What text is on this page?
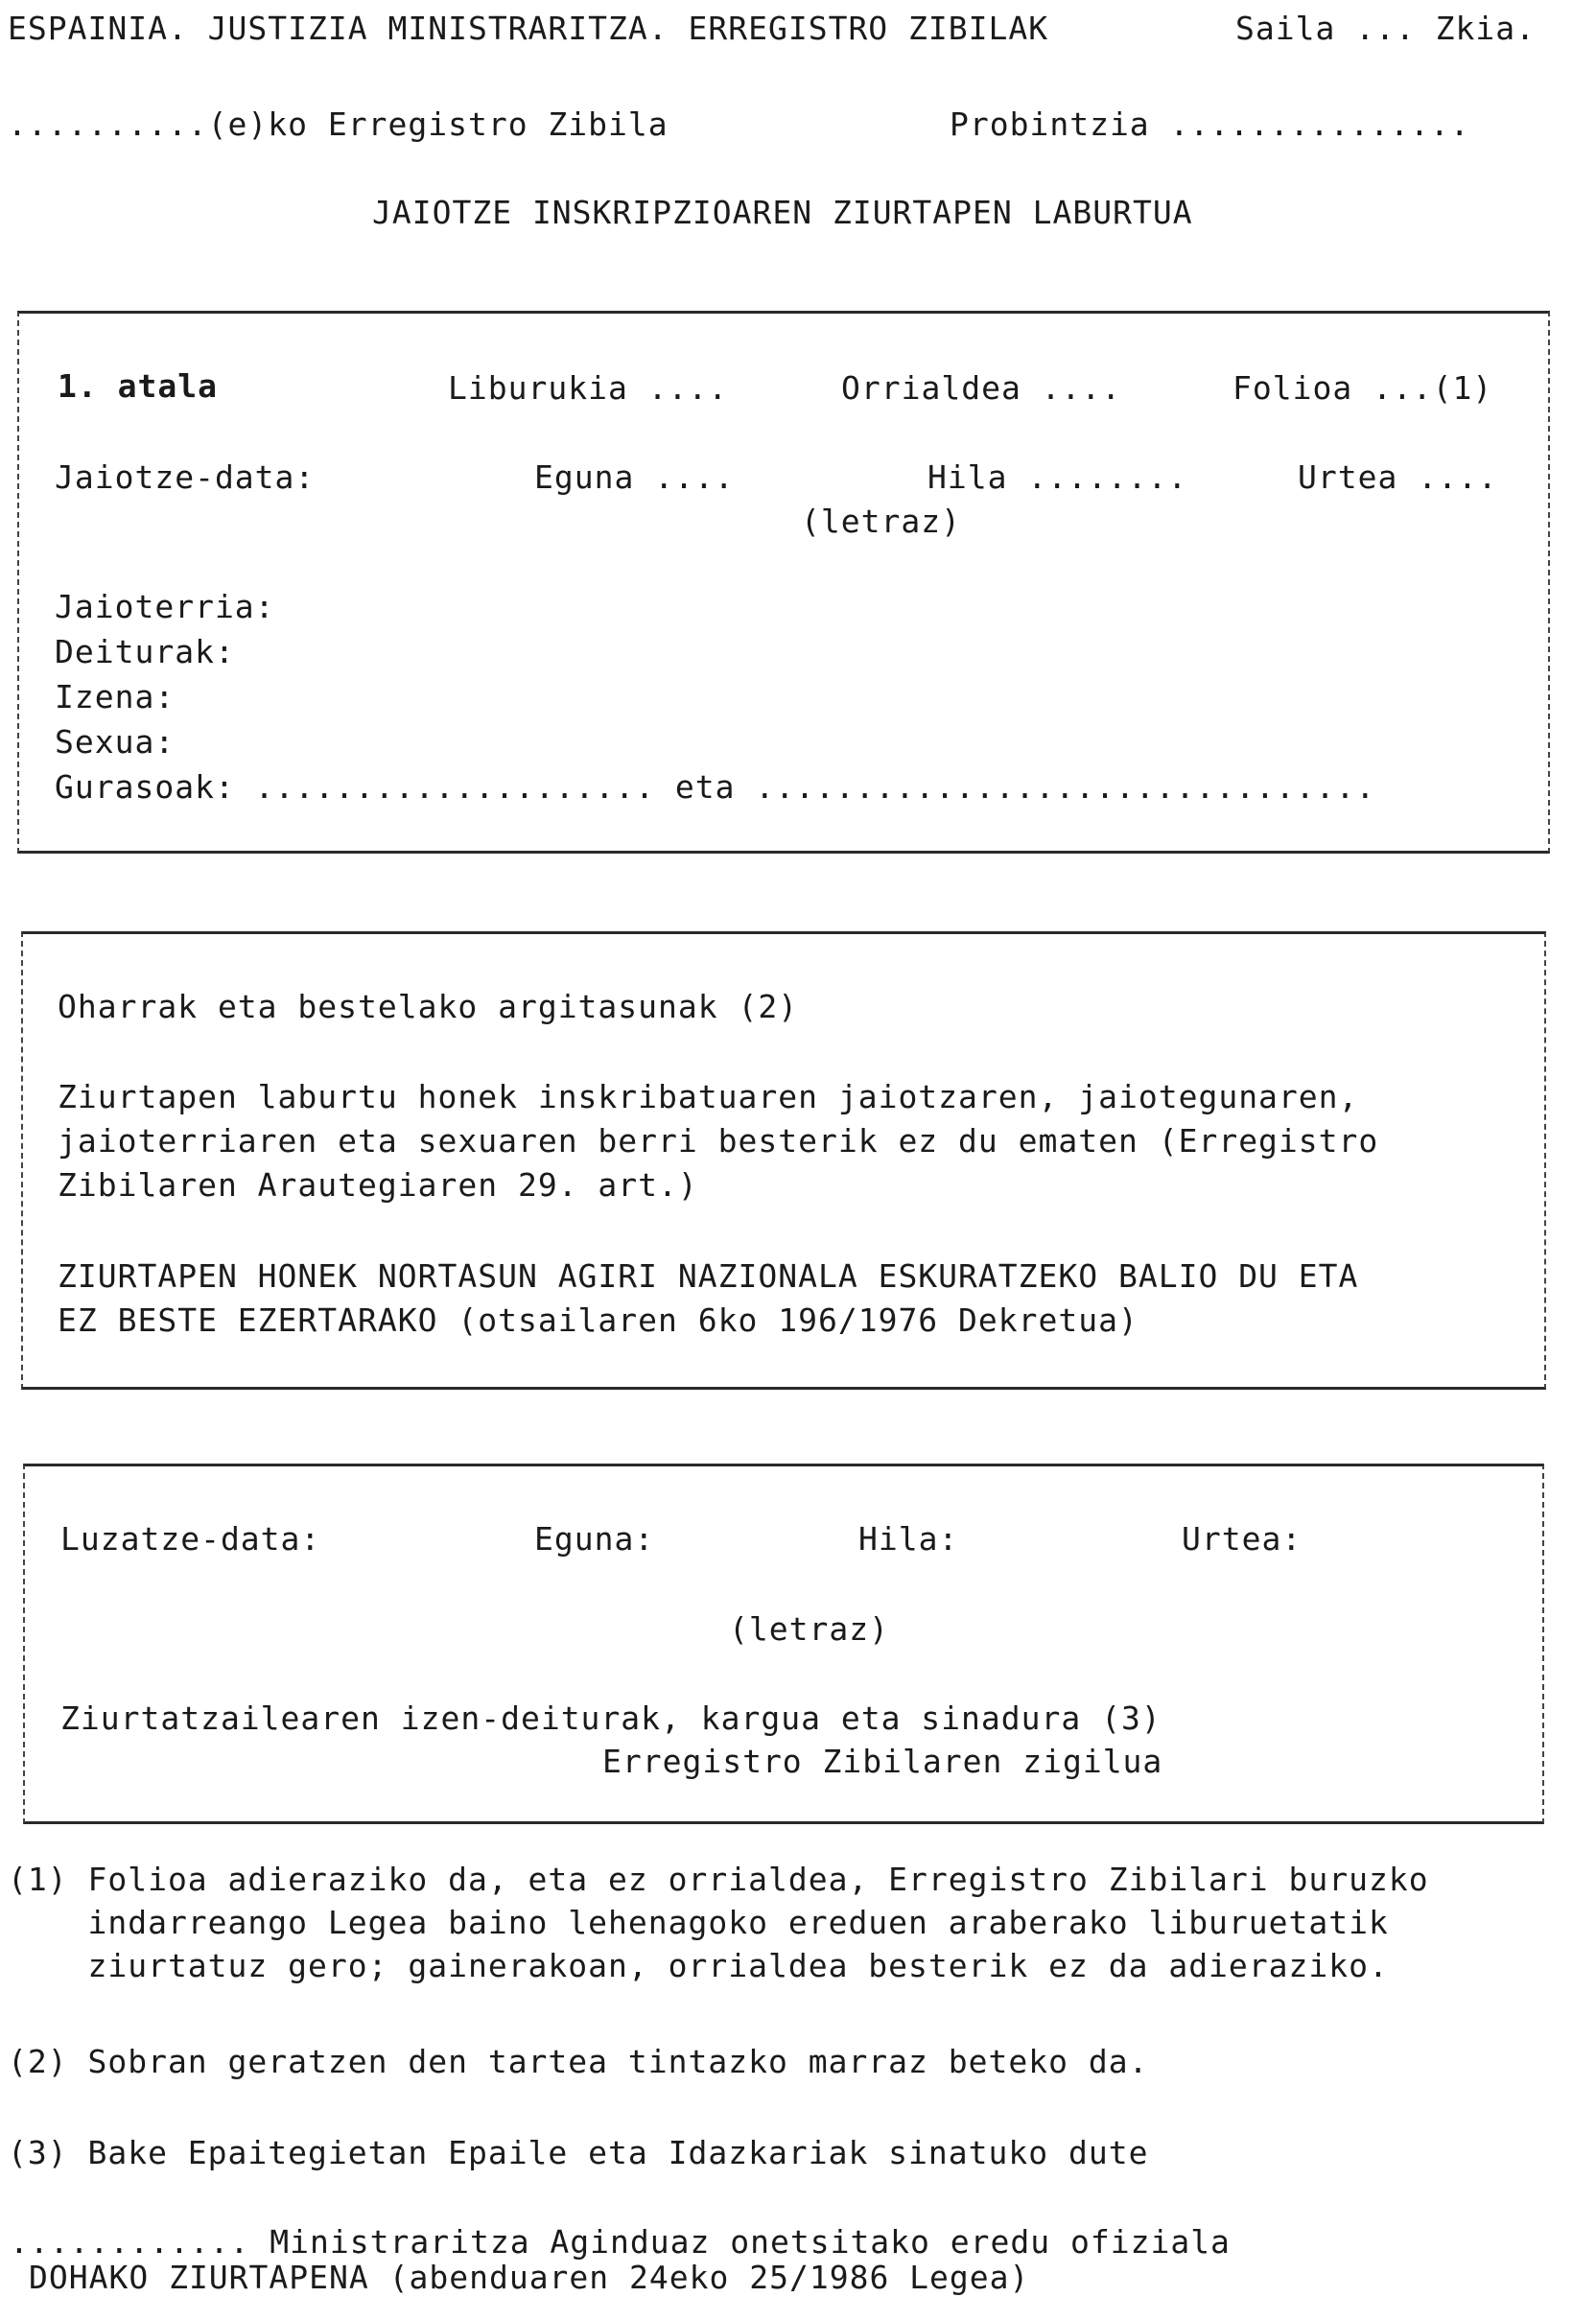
ESPAINIA. JUSTIZIA MINISTRARITZA. ERREGISTRO ZIBILAK	Saila ... Zkia.
..........(e)ko Erregistro Zibila	Probintzia ...............
JAIOTZE INSKRIPZIOAREN ZIURTAPEN LABURTUA
1. atala	Liburukia ....	Orrialdea ....	Folioa ...(1)
Jaiotze-data:	Eguna ....	Hila ........	Urtea ....
(letraz)
Jaioterria:
Deiturak:
Izena:
Sexua:
Gurasoak: .................... eta ...............................
Oharrak eta bestelako argitasunak (2)
Ziurtapen laburtu honek inskribatuaren jaiotzaren, jaiotegunaren,
jaioterriaren eta sexuaren berri besterik ez du ematen (Erregistro
Zibilaren Arautegiaren 29. art.)
ZIURTAPEN HONEK NORTASUN AGIRI NAZIONALA ESKURATZEKO BALIO DU ETA
EZ BESTE EZERTARAKO (otsailaren 6ko 196/1976 Dekretua)
Luzatze-data:	Eguna:	Hila:	Urtea:
(letraz)
Ziurtatzailearen izen-deiturak, kargua eta sinadura (3)
Erregistro Zibilaren zigilua
(1) Folioa adieraziko da, eta ez orrialdea, Erregistro Zibilari buruzko
indarreango Legea baino lehenagoko ereduen araberako liburuetatik
ziurtatuz gero; gainerakoan, orrialdea besterik ez da adieraziko.
(2) Sobran geratzen den tartea tintazko marraz beteko da.
(3) Bake Epaitegietan Epaile eta Idazkariak sinatuko dute
............ Ministraritza Aginduaz onetsitako eredu ofiziala
DOHAKO ZIURTAPENA (abenduaren 24eko 25/1986 Legea)
